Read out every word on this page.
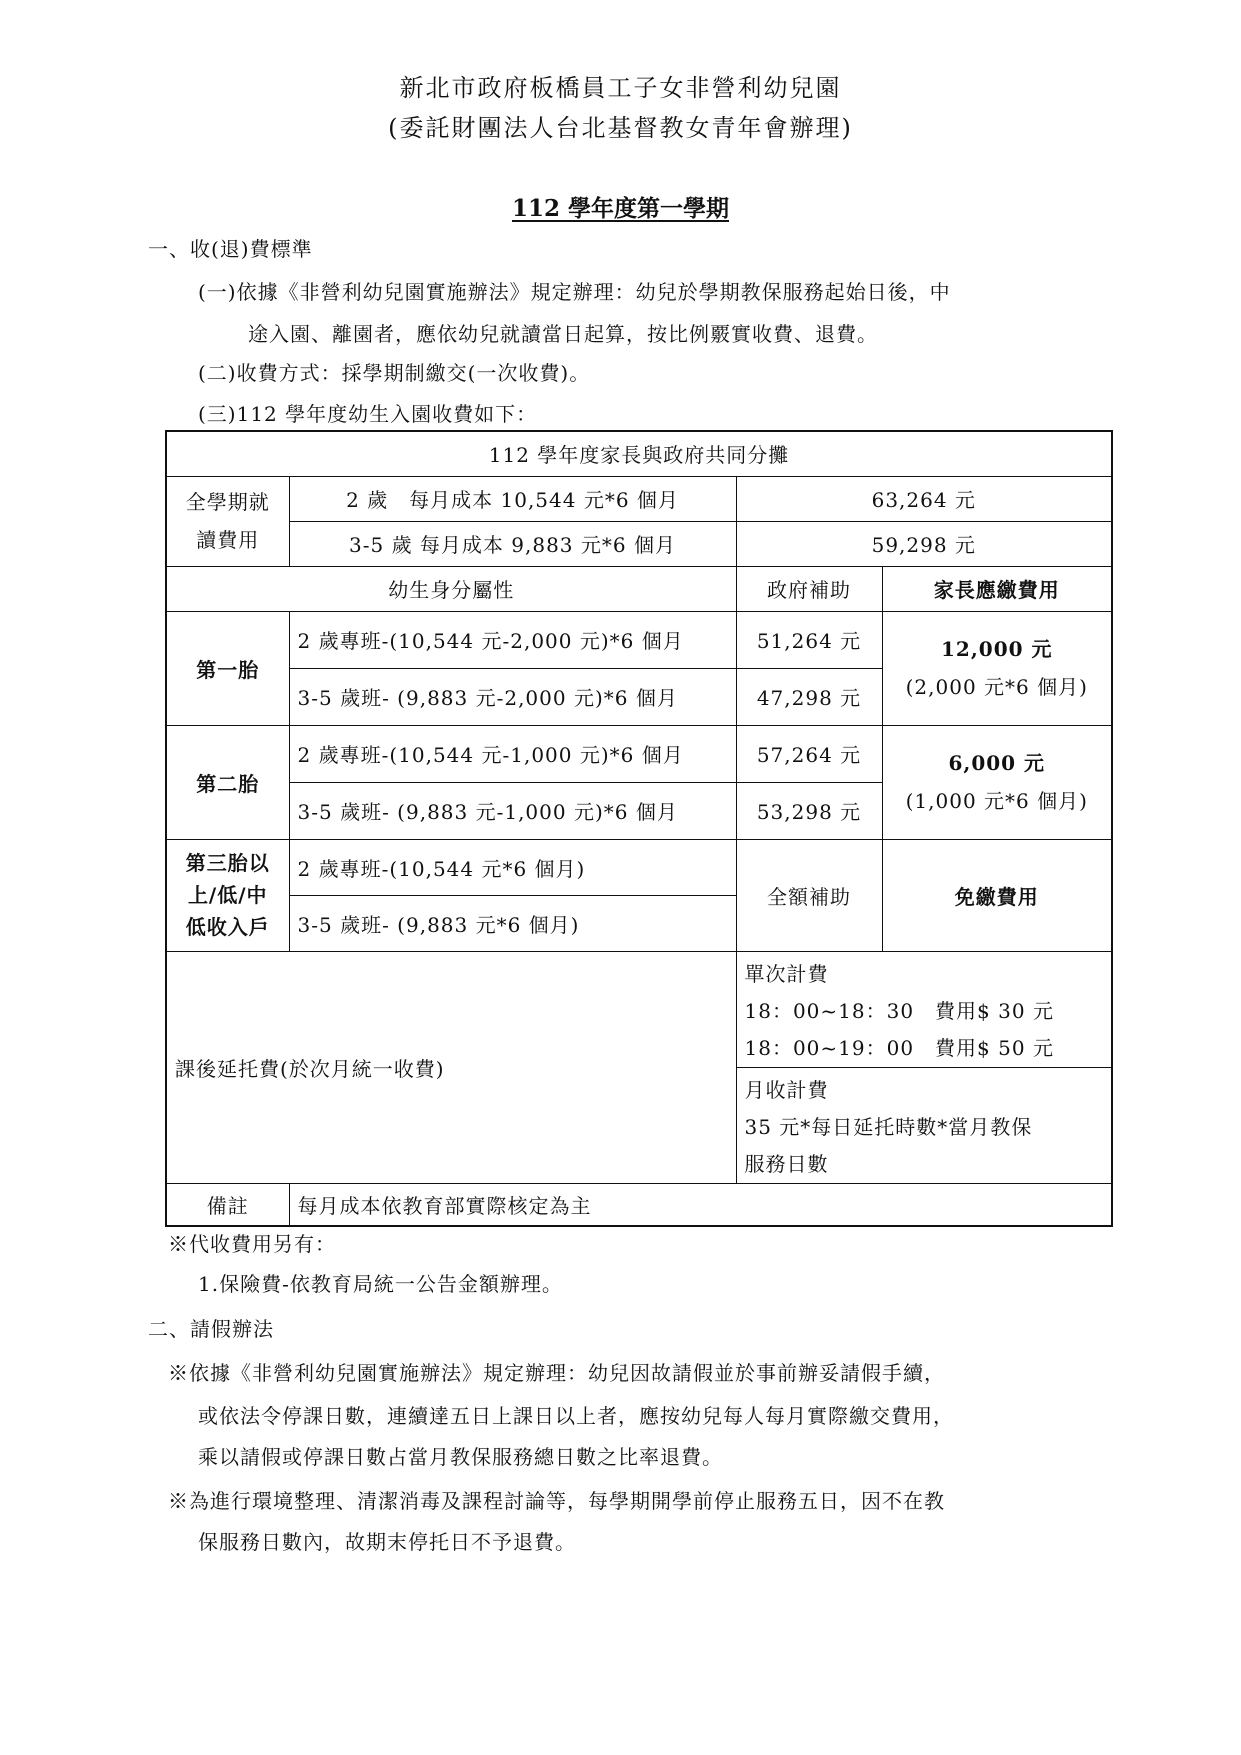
新北市政府板橋員工子女非營利幼兒園
(委託財團法人台北基督教女青年會辦理)
112 學年度第一學期
一、收(退)費標準
(一)依據《非營利幼兒園實施辦法》規定辦理：幼兒於學期教保服務起始日後，中
途入園、離園者，應依幼兒就讀當日起算，按比例覈實收費、退費。
(二)收費方式：採學期制繳交(一次收費)。
(三)112 學年度幼生入園收費如下：
112 學年度家長與政府共同分攤			

全學期就
讀費用	2 歲　每月成本 10,544 元*6 個月	63,264 元	
	3-5 歲 每月成本 9,883 元*6 個月	59,298 元	
幼生身分屬性		政府補助	家長應繳費用
第一胎	2 歲專班-(10,544 元-2,000 元)*6 個月	51,264 元	12,000 元
(2,000 元*6 個月)

	3-5 歲班- (9,883 元-2,000 元)*6 個月	47,298 元	
第二胎	2 歲專班-(10,544 元-1,000 元)*6 個月	57,264 元	6,000 元
(1,000 元*6 個月)

	3-5 歲班- (9,883 元-1,000 元)*6 個月	53,298 元	

第三胎以
上/低/中
低收入戶	2 歲專班-(10,544 元*6 個月)	全額補助	免繳費用
	3-5 歲班- (9,883 元*6 個月)		
課後延托費(於次月統一收費)		單次計費
18：00~18：30　費用$ 30 元
18：00~19：00　費用$ 50 元	

		月收計費
35 元*每日延托時數*當月教保
服務日數	

備註	每月成本依教育部實際核定為主		
※代收費用另有：
1.保險費-依教育局統一公告金額辦理。
二、請假辦法
※依據《非營利幼兒園實施辦法》規定辦理：幼兒因故請假並於事前辦妥請假手續，
或依法令停課日數，連續達五日上課日以上者，應按幼兒每人每月實際繳交費用，
乘以請假或停課日數占當月教保服務總日數之比率退費。
※為進行環境整理、清潔消毒及課程討論等，每學期開學前停止服務五日，因不在教
保服務日數內，故期末停托日不予退費。
